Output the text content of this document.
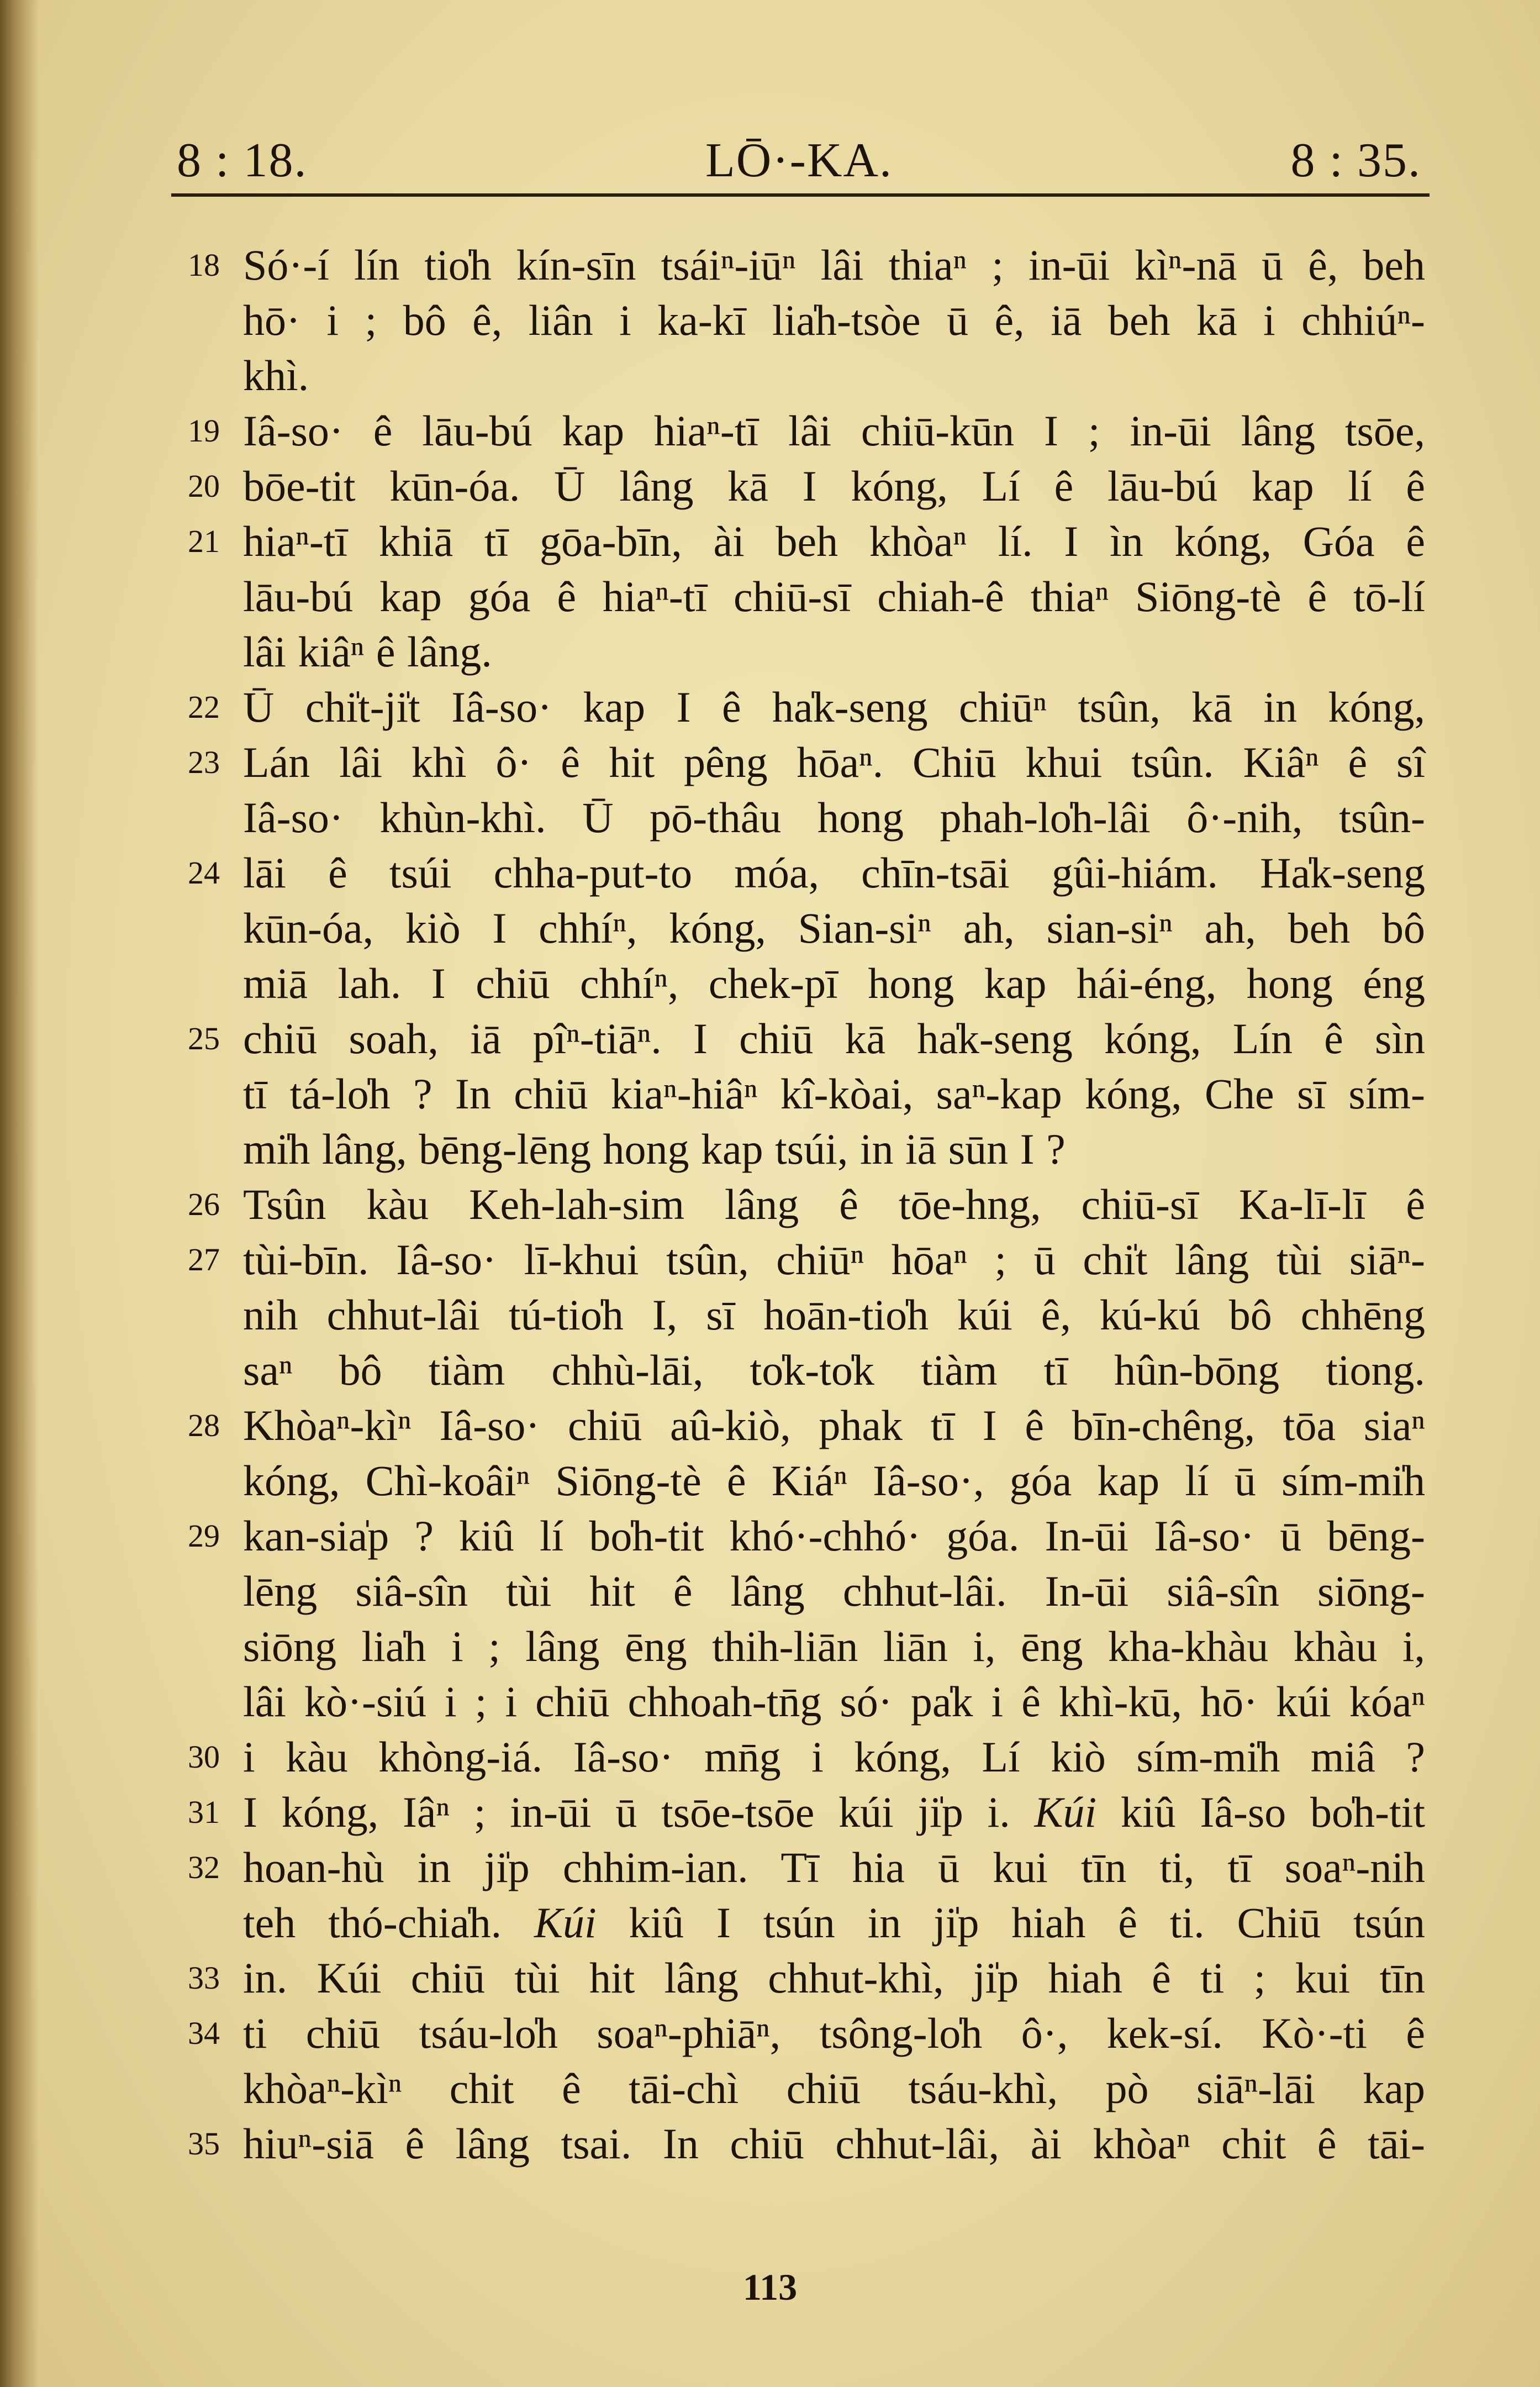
8 : 18.	LŌ·-KA.	8 : 35.
18 Só·-í lín tio̍h kín-sīn tsáiⁿ-iūⁿ lâi thiaⁿ ; in-ūi kìⁿ-nā ū ê, beh
hō· i ; bô ê, liân i ka-kī lia̍h-tsòe ū ê, iā beh kā i chhiúⁿ-
khì.
19 Iâ-so· ê lāu-bú kap hiaⁿ-tī lâi chiū-kūn I ; in-ūi lâng tsōe,
20 bōe-tit kūn-óa. Ū lâng kā I kóng, Lí ê lāu-bú kap lí ê
21 hiaⁿ-tī khiā tī gōa-bīn, ài beh khòaⁿ lí. I ìn kóng, Góa ê
lāu-bú kap góa ê hiaⁿ-tī chiū-sī chiah-ê thiaⁿ Siōng-tè ê tō-lí
lâi kiâⁿ ê lâng.
22 Ū chi̍t-ji̍t Iâ-so· kap I ê ha̍k-seng chiūⁿ tsûn, kā in kóng,
23 Lán lâi khì ô· ê hit pêng hōaⁿ. Chiū khui tsûn. Kiâⁿ ê sî
Iâ-so· khùn-khì. Ū pō-thâu hong phah-lo̍h-lâi ô·-nih, tsûn-
24 lāi ê tsúi chha-put-to móa, chīn-tsāi gûi-hiám. Ha̍k-seng
kūn-óa, kiò I chhíⁿ, kóng, Sian-siⁿ ah, sian-siⁿ ah, beh bô
miā lah. I chiū chhíⁿ, chek-pī hong kap hái-éng, hong éng
25 chiū soah, iā pîⁿ-tiāⁿ. I chiū kā ha̍k-seng kóng, Lín ê sìn
tī tá-lo̍h ? In chiū kiaⁿ-hiâⁿ kî-kòai, saⁿ-kap kóng, Che sī sím-
mi̍h lâng, bēng-lēng hong kap tsúi, in iā sūn I ?
26 Tsûn kàu Keh-lah-sim lâng ê tōe-hng, chiū-sī Ka-lī-lī ê
27 tùi-bīn. Iâ-so· lī-khui tsûn, chiūⁿ hōaⁿ ; ū chi̍t lâng tùi siāⁿ-
nih chhut-lâi tú-tio̍h I, sī hoān-tio̍h kúi ê, kú-kú bô chhēng
saⁿ bô tiàm chhù-lāi, to̍k-to̍k tiàm tī hûn-bōng tiong.
28 Khòaⁿ-kìⁿ Iâ-so· chiū aû-kiò, phak tī I ê bīn-chêng, tōa siaⁿ
kóng, Chì-koâiⁿ Siōng-tè ê Kiáⁿ Iâ-so·, góa kap lí ū sím-mi̍h
29 kan-sia̍p ? kiû lí bo̍h-tit khó·-chhó· góa. In-ūi Iâ-so· ū bēng-
lēng siâ-sîn tùi hit ê lâng chhut-lâi. In-ūi siâ-sîn siōng-
siōng lia̍h i ; lâng ēng thih-liān liān i, ēng kha-khàu khàu i,
lâi kò·-siú i ; i chiū chhoah-tn̄g só· pa̍k i ê khì-kū, hō· kúi kóaⁿ
30 i kàu khòng-iá. Iâ-so· mn̄g i kóng, Lí kiò sím-mi̍h miâ ?
31 I kóng, Iâⁿ ; in-ūi ū tsōe-tsōe kúi ji̍p i. Kúi kiû Iâ-so bo̍h-tit
32 hoan-hù in ji̍p chhim-ian. Tī hia ū kui tīn ti, tī soaⁿ-nih
teh thó-chia̍h. Kúi kiû I tsún in ji̍p hiah ê ti. Chiū tsún
33 in. Kúi chiū tùi hit lâng chhut-khì, ji̍p hiah ê ti ; kui tīn
34 ti chiū tsáu-lo̍h soaⁿ-phiāⁿ, tsông-lo̍h ô·, kek-sí. Kò·-ti ê
khòaⁿ-kìⁿ chit ê tāi-chì chiū tsáu-khì, pò siāⁿ-lāi kap
35 hiuⁿ-siā ê lâng tsai. In chiū chhut-lâi, ài khòaⁿ chit ê tāi-
113
